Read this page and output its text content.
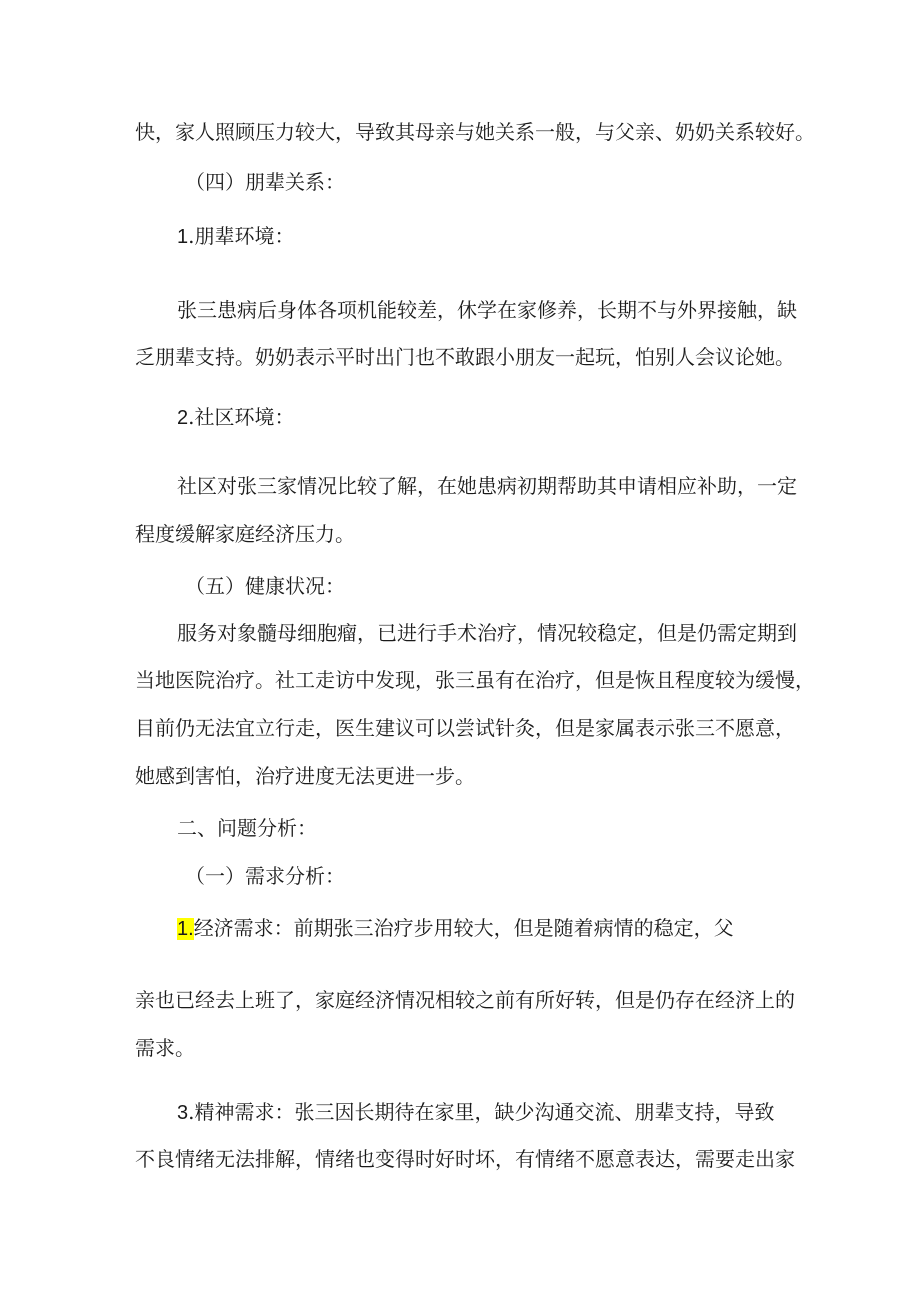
快，家人照顾压力较大，导致其母亲与她关系一般，与父亲、奶奶关系较好。
（四）朋辈关系：
1.朋辈环境：
张三患病后身体各项机能较差，休学在家修养，长期不与外界接触，缺
乏朋辈支持。奶奶表示平时出门也不敢跟小朋友一起玩，怕别人会议论她。
2.社区环境：
社区对张三家情况比较了解，在她患病初期帮助其申请相应补助，一定
程度缓解家庭经济压力。
（五）健康状况：
服务对象髓母细胞瘤，已进行手术治疗，情况较稳定，但是仍需定期到
当地医院治疗。社工走访中发现，张三虽有在治疗，但是恢且程度较为缓慢，
目前仍无法宜立行走，医生建议可以尝试针灸，但是家属表示张三不愿意，
她感到害怕，治疗进度无法更进一步。
二、问题分析：
（一）需求分析：
1.经济需求：前期张三治疗步用较大，但是随着病情的稳定，父
亲也已经去上班了，家庭经济情况相较之前有所好转，但是仍存在经济上的
需求。
3.精神需求：张三因长期待在家里，缺少沟通交流、朋辈支持，导致
不良情绪无法排解，情绪也变得时好时坏，有情绪不愿意表达，需要走出家
